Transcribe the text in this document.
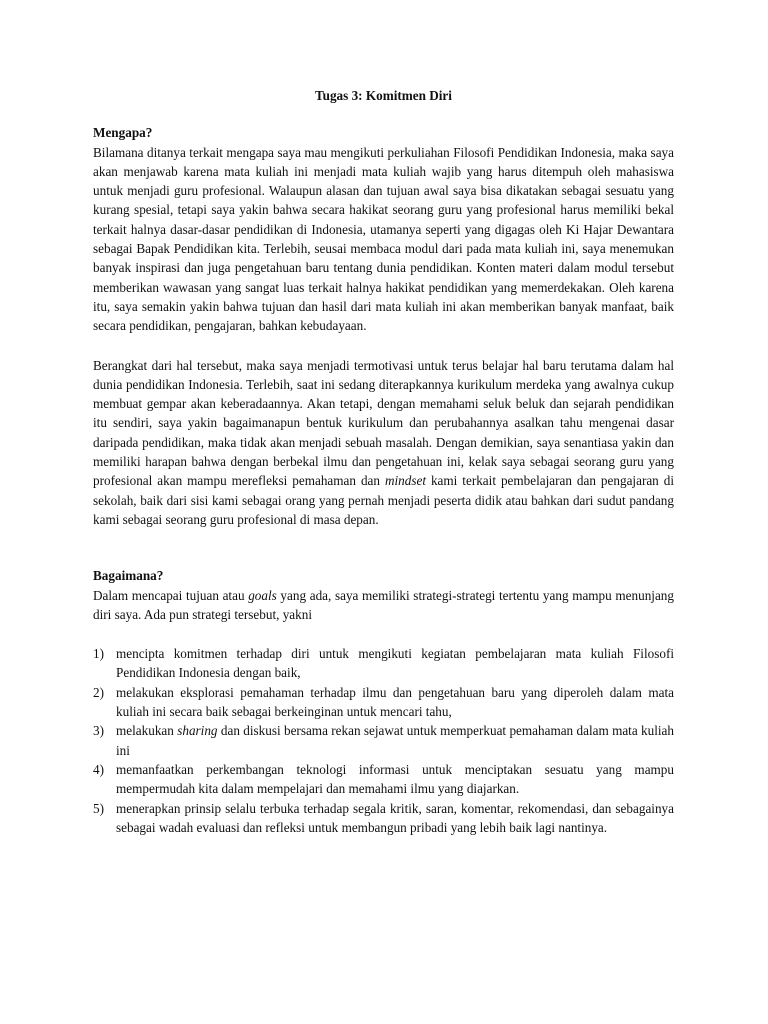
Tugas 3: Komitmen Diri

Mengapa?

Bilamana ditanya terkait mengapa saya mau mengikuti perkuliahan Filosofi Pendidikan Indonesia, maka saya akan menjawab karena mata kuliah ini menjadi mata kuliah wajib yang harus ditempuh oleh mahasiswa untuk menjadi guru profesional. Walaupun alasan dan tujuan awal saya bisa dikatakan sebagai sesuatu yang kurang spesial, tetapi saya yakin bahwa secara hakikat seorang guru yang profesional harus memiliki bekal terkait halnya dasar-dasar pendidikan di Indonesia, utamanya seperti yang digagas oleh Ki Hajar Dewantara sebagai Bapak Pendidikan kita. Terlebih, seusai membaca modul dari pada mata kuliah ini, saya menemukan banyak inspirasi dan juga pengetahuan baru tentang dunia pendidikan. Konten materi dalam modul tersebut memberikan wawasan yang sangat luas terkait halnya hakikat pendidikan yang memerdekakan. Oleh karena itu, saya semakin yakin bahwa tujuan dan hasil dari mata kuliah ini akan memberikan banyak manfaat, baik secara pendidikan, pengajaran, bahkan kebudayaan.

Berangkat dari hal tersebut, maka saya menjadi termotivasi untuk terus belajar hal baru terutama dalam hal dunia pendidikan Indonesia. Terlebih, saat ini sedang diterapkannya kurikulum merdeka yang awalnya cukup membuat gempar akan keberadaannya. Akan tetapi, dengan memahami seluk beluk dan sejarah pendidikan itu sendiri, saya yakin bagaimanapun bentuk kurikulum dan perubahannya asalkan tahu mengenai dasar daripada pendidikan, maka tidak akan menjadi sebuah masalah. Dengan demikian, saya senantiasa yakin dan memiliki harapan bahwa dengan berbekal ilmu dan pengetahuan ini, kelak saya sebagai seorang guru yang profesional akan mampu merefleksi pemahaman dan mindset kami terkait pembelajaran dan pengajaran di sekolah, baik dari sisi kami sebagai orang yang pernah menjadi peserta didik atau bahkan dari sudut pandang kami sebagai seorang guru profesional di masa depan.

Bagaimana?

Dalam mencapai tujuan atau goals yang ada, saya memiliki strategi-strategi tertentu yang mampu menunjang diri saya. Ada pun strategi tersebut, yakni

1) mencipta komitmen terhadap diri untuk mengikuti kegiatan pembelajaran mata kuliah Filosofi Pendidikan Indonesia dengan baik,
2) melakukan eksplorasi pemahaman terhadap ilmu dan pengetahuan baru yang diperoleh dalam mata kuliah ini secara baik sebagai berkeinginan untuk mencari tahu,
3) melakukan sharing dan diskusi bersama rekan sejawat untuk memperkuat pemahaman dalam mata kuliah ini
4) memanfaatkan perkembangan teknologi informasi untuk menciptakan sesuatu yang mampu mempermudah kita dalam mempelajari dan memahami ilmu yang diajarkan.
5) menerapkan prinsip selalu terbuka terhadap segala kritik, saran, komentar, rekomendasi, dan sebagainya sebagai wadah evaluasi dan refleksi untuk membangun pribadi yang lebih baik lagi nantinya.
